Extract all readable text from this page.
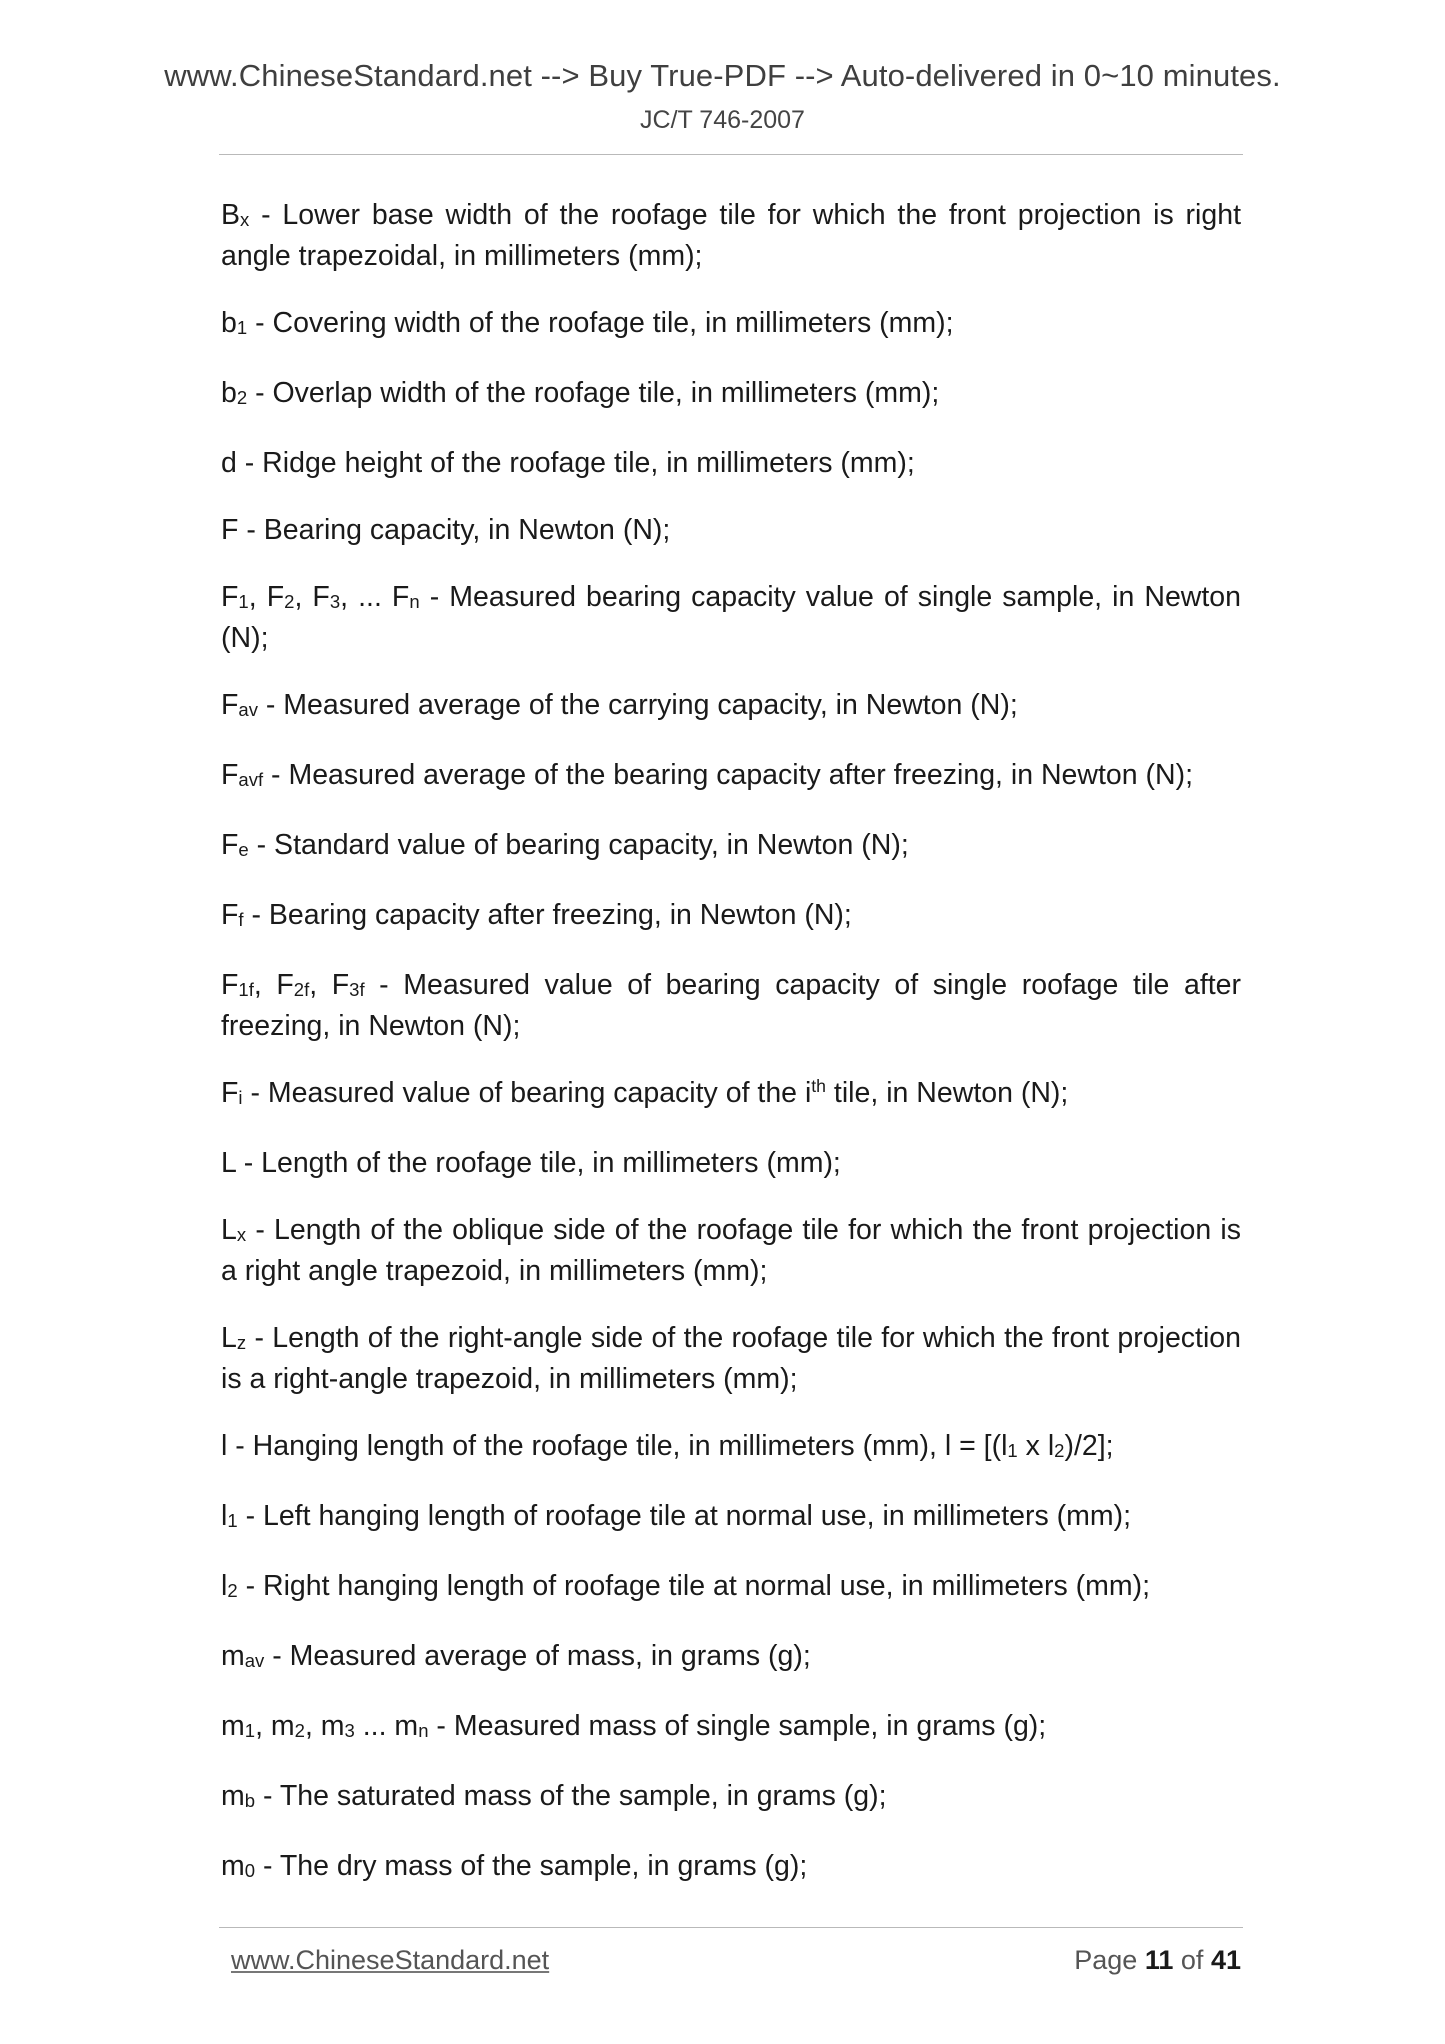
www.ChineseStandard.net --> Buy True-PDF --> Auto-delivered in 0~10 minutes.
JC/T 746-2007

$B_x$ - Lower base width of the roofage tile for which the front projection is right angle trapezoidal, in millimeters (mm);

$b_1$ - Covering width of the roofage tile, in millimeters (mm);

$b_2$ - Overlap width of the roofage tile, in millimeters (mm);

d - Ridge height of the roofage tile, in millimeters (mm);

F - Bearing capacity, in Newton (N);

$F_1$, $F_2$, $F_3$, ... $F_n$ - Measured bearing capacity value of single sample, in Newton (N);

$F_{av}$ - Measured average of the carrying capacity, in Newton (N);

$F_{avf}$ - Measured average of the bearing capacity after freezing, in Newton (N);

$F_e$ - Standard value of bearing capacity, in Newton (N);

$F_f$ - Bearing capacity after freezing, in Newton (N);

$F_{1f}$, $F_{2f}$, $F_{3f}$ - Measured value of bearing capacity of single roofage tile after freezing, in Newton (N);

$F_i$ - Measured value of bearing capacity of the $i^{th}$ tile, in Newton (N);

L - Length of the roofage tile, in millimeters (mm);

$L_x$ - Length of the oblique side of the roofage tile for which the front projection is a right angle trapezoid, in millimeters (mm);

$L_z$ - Length of the right-angle side of the roofage tile for which the front projection is a right-angle trapezoid, in millimeters (mm);

l - Hanging length of the roofage tile, in millimeters (mm), $l = [(l_1$ x $l_2)/2$];

$l_1$ - Left hanging length of roofage tile at normal use, in millimeters (mm);

$l_2$ - Right hanging length of roofage tile at normal use, in millimeters (mm);

$m_{av}$ - Measured average of mass, in grams (g);

$m_1$, $m_2$, $m_3$ ... $m_n$ - Measured mass of single sample, in grams (g);

$m_b$ - The saturated mass of the sample, in grams (g);

$m_0$ - The dry mass of the sample, in grams (g);

www.ChineseStandard.net	Page 11 of 41
